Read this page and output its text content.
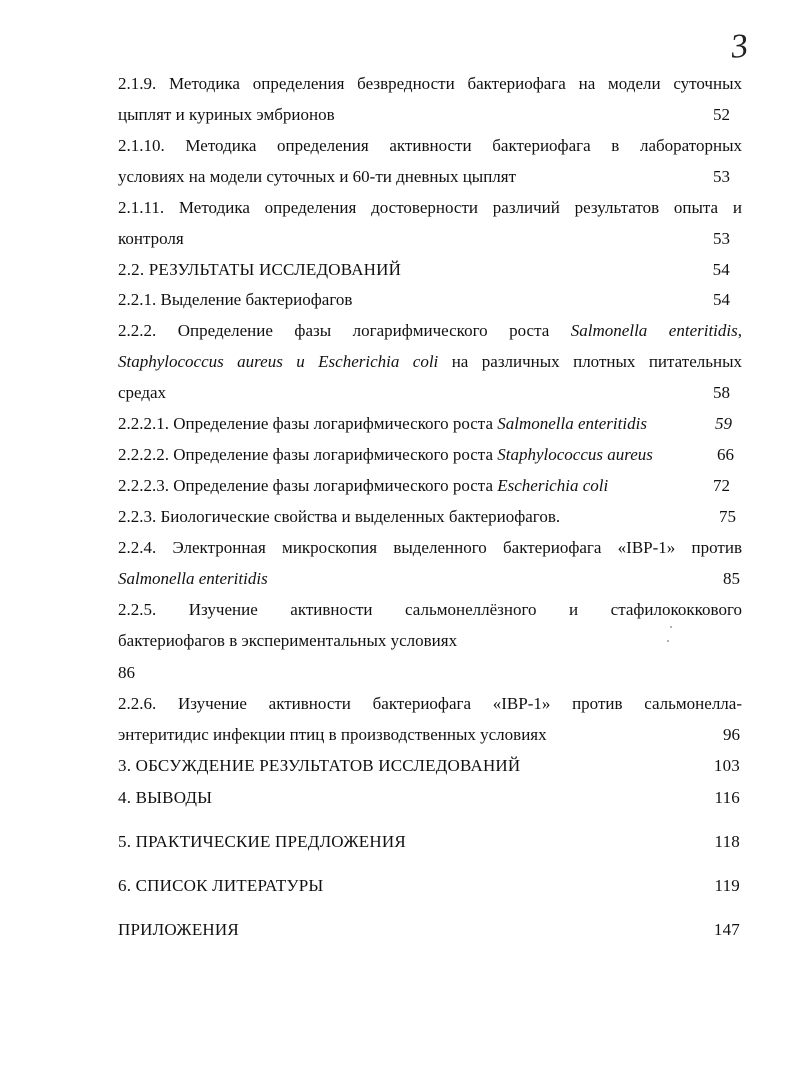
3
2.1.9. Методика определения безвредности бактериофага на модели суточных
цыплят и куриных эмбрионов	52
2.1.10. Методика определения активности бактериофага в лабораторных
условиях на модели суточных и 60-ти дневных цыплят	53
2.1.11. Методика определения достоверности различий результатов опыта и
контроля	53
2.2. РЕЗУЛЬТАТЫ ИССЛЕДОВАНИЙ	54
2.2.1. Выделение бактериофагов	54
2.2.2. Определение фазы логарифмического роста Salmonella enteritidis,
Staphylococcus aureus u Escherichia coli на различных плотных питательных
средах	58
2.2.2.1. Определение фазы логарифмического роста Salmonella enteritidis	59
2.2.2.2. Определение фазы логарифмического роста Staphylococcus aureus	66
2.2.2.3. Определение фазы логарифмического роста Escherichia coli	72
2.2.3. Биологические свойства и выделенных бактериофагов.	75
2.2.4. Электронная микроскопия выделенного бактериофага «IBP-1» против
Salmonella enteritidis	85
2.2.5. Изучение активности сальмонеллёзного и стафилококкового
бактериофагов в экспериментальных условиях
86
2.2.6. Изучение активности бактериофага «IBP-1» против сальмонелла-
энтеритидис инфекции птиц в производственных условиях	96
3. ОБСУЖДЕНИЕ РЕЗУЛЬТАТОВ ИССЛЕДОВАНИЙ	103
4. ВЫВОДЫ	116
5. ПРАКТИЧЕСКИЕ ПРЕДЛОЖЕНИЯ	118
6. СПИСОК ЛИТЕРАТУРЫ	119
ПРИЛОЖЕНИЯ	147
